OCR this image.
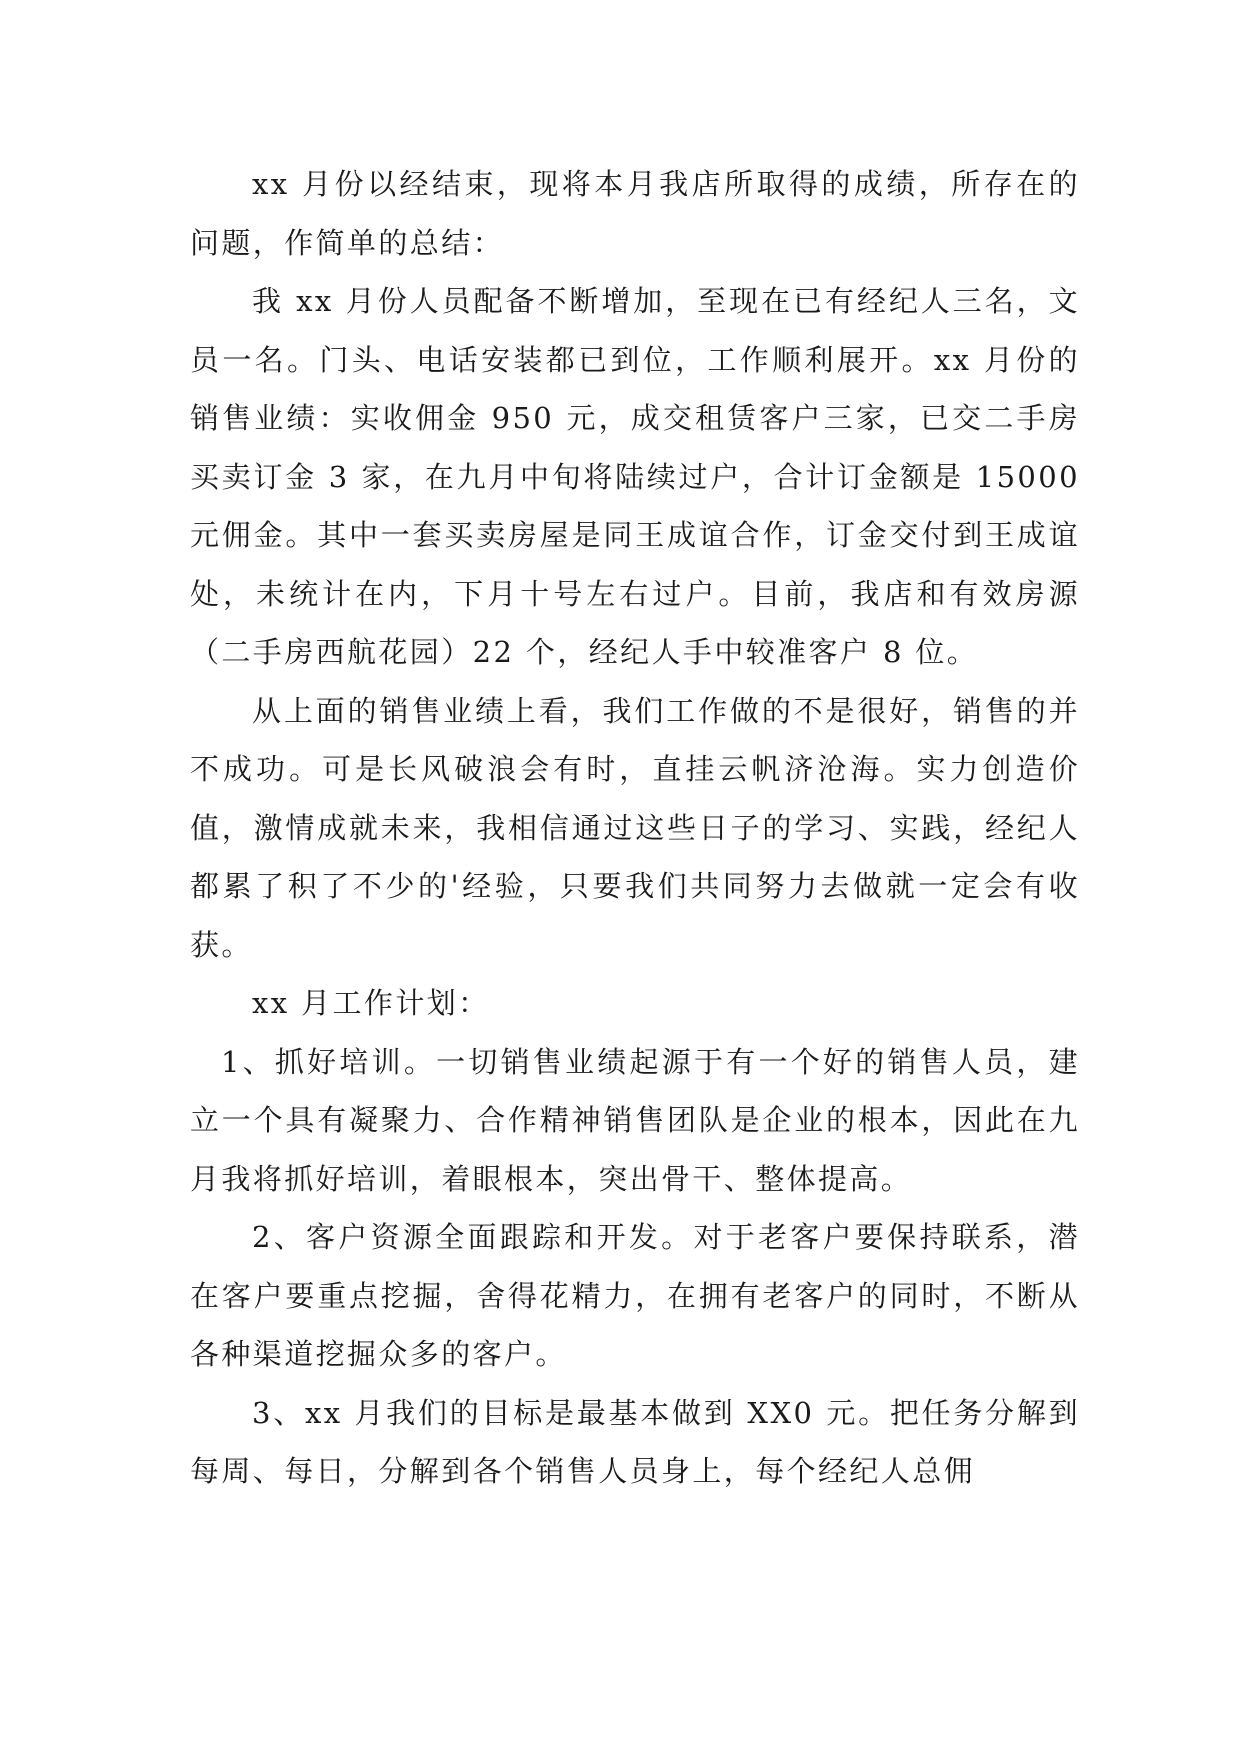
xx 月份以经结束，现将本月我店所取得的成绩，所存在的问题，作简单的总结：

我 xx 月份人员配备不断增加，至现在已有经纪人三名，文员一名。门头、电话安装都已到位，工作顺利展开。xx 月份的销售业绩：实收佣金 950 元，成交租赁客户三家，已交二手房买卖订金 3 家，在九月中旬将陆续过户，合计订金额是 15000 元佣金。其中一套买卖房屋是同王成谊合作，订金交付到王成谊处，未统计在内，下月十号左右过户。目前，我店和有效房源（二手房西航花园）22 个，经纪人手中较准客户 8 位。

从上面的销售业绩上看，我们工作做的不是很好，销售的并不成功。可是长风破浪会有时，直挂云帆济沧海。实力创造价值，激情成就未来，我相信通过这些日子的学习、实践，经纪人都累了积了不少的'经验，只要我们共同努力去做就一定会有收获。

xx 月工作计划：

1、抓好培训。一切销售业绩起源于有一个好的销售人员，建立一个具有凝聚力、合作精神销售团队是企业的根本，因此在九月我将抓好培训，着眼根本，突出骨干、整体提高。

2、客户资源全面跟踪和开发。对于老客户要保持联系，潜在客户要重点挖掘，舍得花精力，在拥有老客户的同时，不断从各种渠道挖掘众多的客户。

3、xx 月我们的目标是最基本做到 XX0 元。把任务分解到每周、每日，分解到各个销售人员身上，每个经纪人总佣
